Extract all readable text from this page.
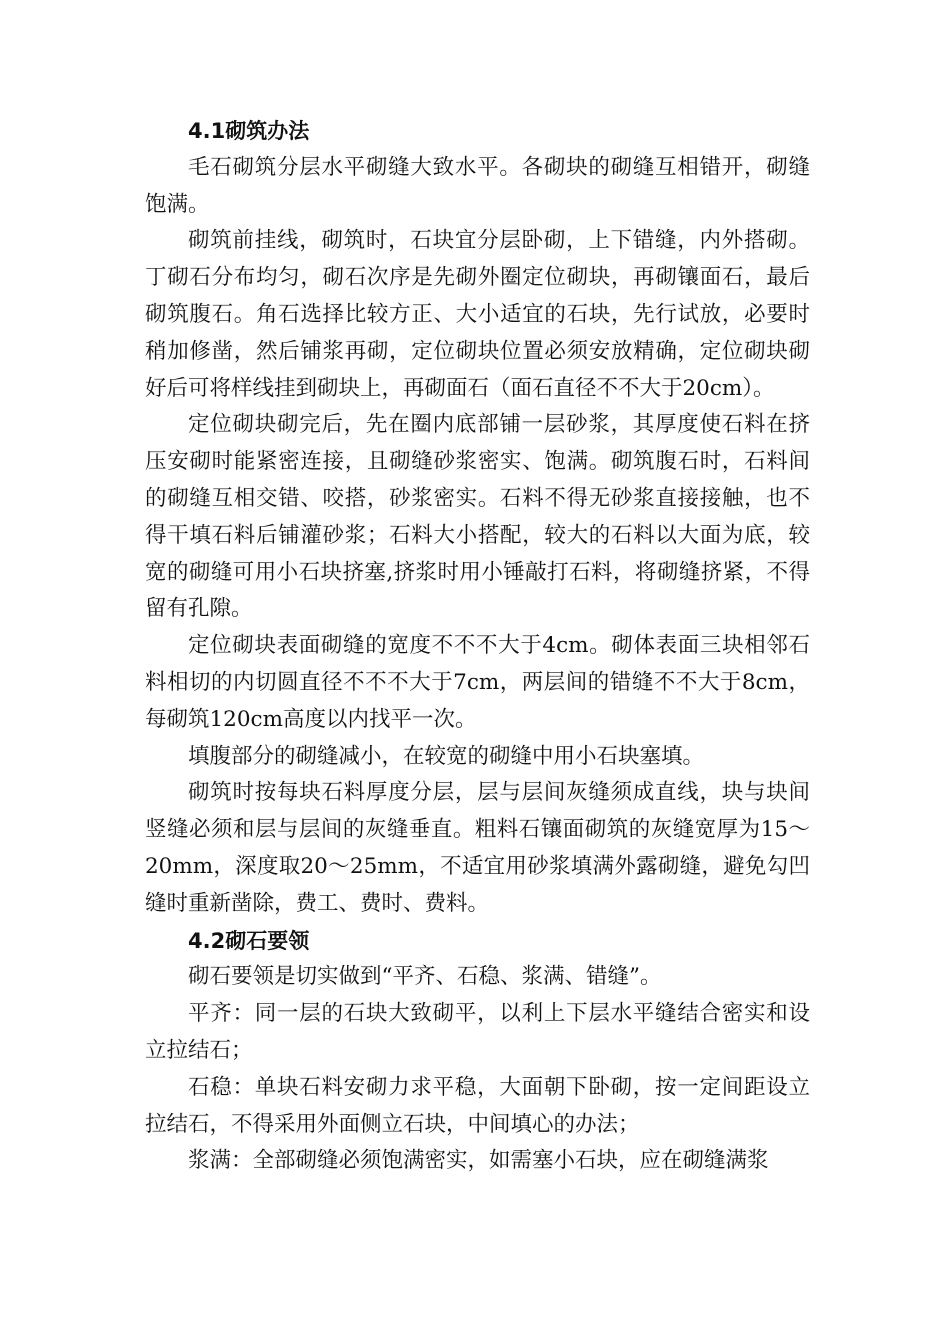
4.1砌筑办法

毛石砌筑分层水平砌缝大致水平。各砌块的砌缝互相错开，砌缝饱满。

砌筑前挂线，砌筑时，石块宜分层卧砌，上下错缝，内外搭砌。丁砌石分布均匀，砌石次序是先砌外圈定位砌块，再砌镶面石，最后砌筑腹石。角石选择比较方正、大小适宜的石块，先行试放，必要时稍加修凿，然后铺浆再砌，定位砌块位置必须安放精确，定位砌块砌好后可将样线挂到砌块上，再砌面石（面石直径不不大于20cm）。

定位砌块砌完后，先在圈内底部铺一层砂浆，其厚度使石料在挤压安砌时能紧密连接，且砌缝砂浆密实、饱满。砌筑腹石时，石料间的砌缝互相交错、咬搭，砂浆密实。石料不得无砂浆直接接触，也不得干填石料后铺灌砂浆；石料大小搭配，较大的石料以大面为底，较宽的砌缝可用小石块挤塞,挤浆时用小锤敲打石料，将砌缝挤紧，不得留有孔隙。

定位砌块表面砌缝的宽度不不不大于4cm。砌体表面三块相邻石料相切的内切圆直径不不不大于7cm，两层间的错缝不不大于8cm，每砌筑120cm高度以内找平一次。

填腹部分的砌缝减小，在较宽的砌缝中用小石块塞填。

砌筑时按每块石料厚度分层，层与层间灰缝须成直线，块与块间竖缝必须和层与层间的灰缝垂直。粗料石镶面砌筑的灰缝宽厚为15～20mm，深度取20～25mm，不适宜用砂浆填满外露砌缝，避免勾凹缝时重新凿除，费工、费时、费料。

4.2砌石要领

砌石要领是切实做到“平齐、石稳、浆满、错缝”。

平齐：同一层的石块大致砌平，以利上下层水平缝结合密实和设立拉结石；

石稳：单块石料安砌力求平稳，大面朝下卧砌，按一定间距设立拉结石，不得采用外面侧立石块，中间填心的办法；

浆满：全部砌缝必须饱满密实，如需塞小石块，应在砌缝满浆
